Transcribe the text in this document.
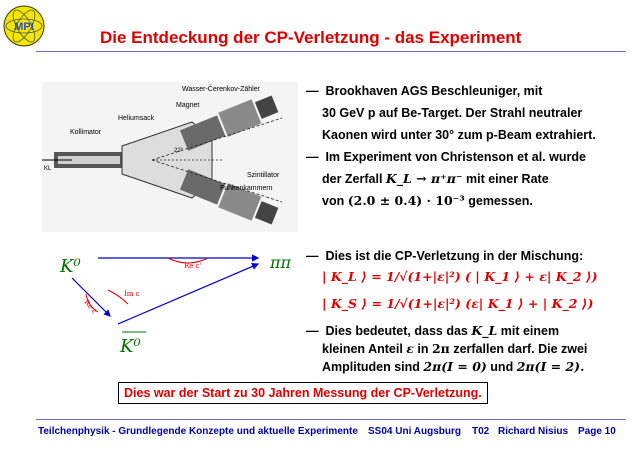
MPI
Die Entdeckung der CP-Verletzung - das Experiment
Wasser-Čerenkov-Zähler
Magnet
Heliumsack
Kollimator
KL
22°
Szintillator
Funkenkammern
—  Brookhaven AGS Beschleuniger, mit
30 GeV p auf Be-Target. Der Strahl neutraler
Kaonen wird unter 30° zum p-Beam extrahiert.
—  Im Experiment von Christenson et al. wurde
der Zerfall K_L → π⁺π⁻ mit einer Rate
von (2.0 ± 0.4) · 10⁻³ gemessen.
—  Dies ist die CP-Verletzung in der Mischung:
| K_L ⟩ = 1/√(1+|ε|²) ( | K_1 ⟩ + ε| K_2 ⟩)
| K_S ⟩ = 1/√(1+|ε|²) (ε| K_1 ⟩ + | K_2 ⟩)
—  Dies bedeutet, dass das K_L mit einem
kleinen Anteil ε in 2π zerfallen darf. Die zwei
Amplituden sind 2π(I = 0) und 2π(I = 2).
K⁰
K⁰
ππ
Re ε'
Im ε
Re ε
Dies war der Start zu 30 Jahren Messung der CP-Verletzung.
Teilchenphysik - Grundlegende Konzepte und aktuelle Experimente SS04 Uni Augsburg T02 Richard Nisius Page 10
